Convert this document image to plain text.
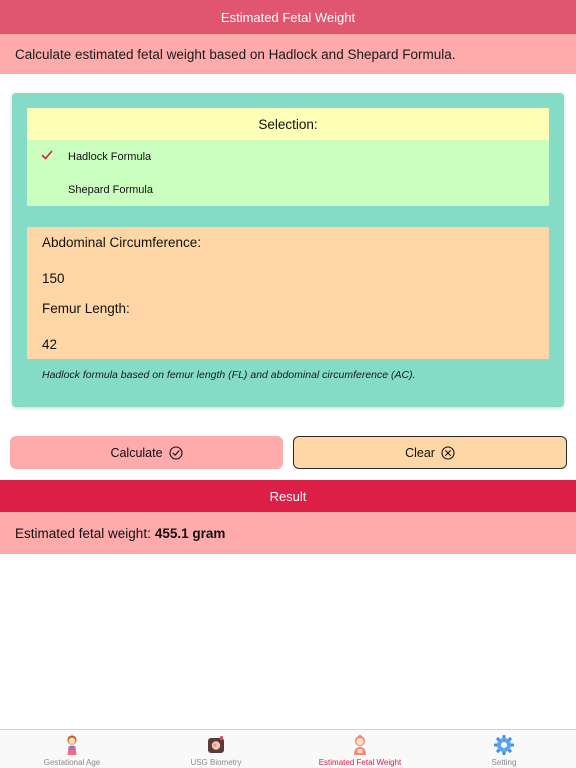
Estimated Fetal Weight
Calculate estimated fetal weight based on Hadlock and Shepard Formula.
Selection:
Hadlock Formula
Shepard Formula
Abdominal Circumference:
150
Femur Length:
42
Hadlock formula based on femur length (FL) and abdominal circumference (AC).
Calculate	Clear
Result
Estimated fetal weight: 455.1 gram
Gestational Age	USG Biometry	Estimated Fetal Weight	Setting
